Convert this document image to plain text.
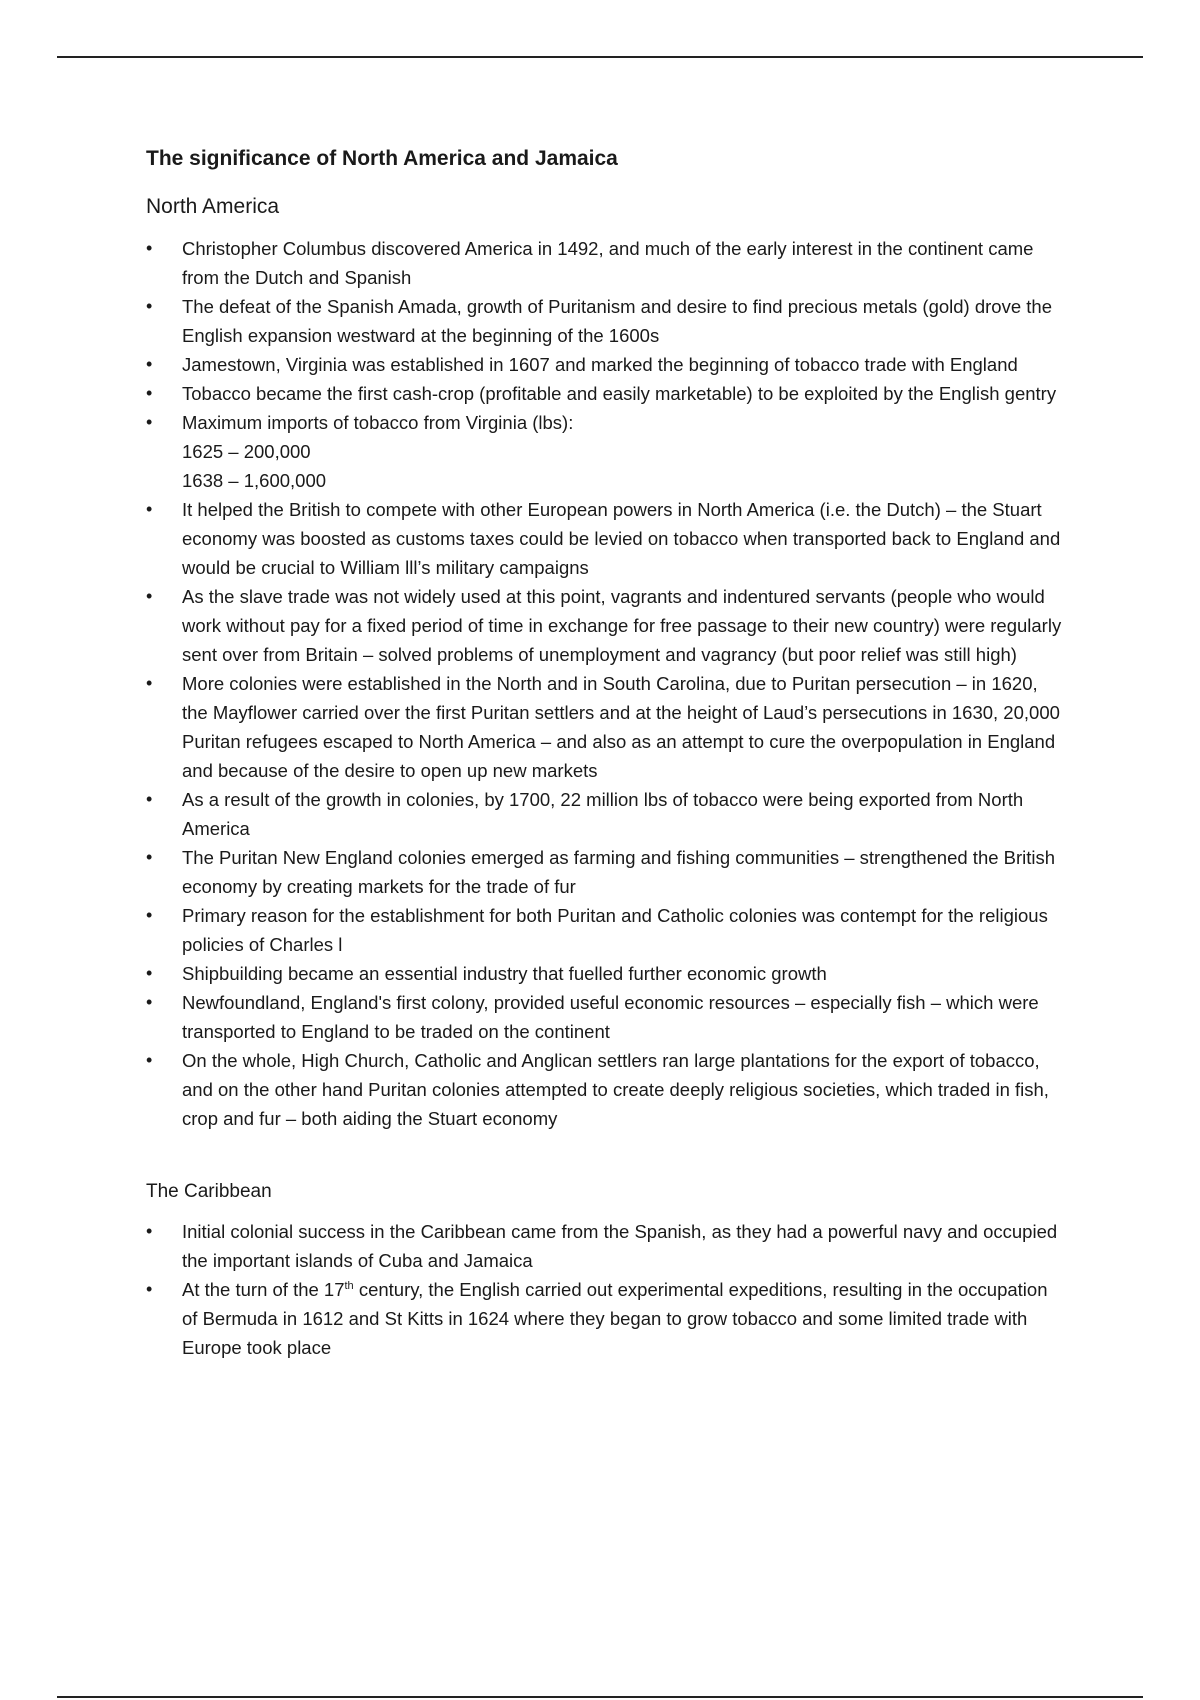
The significance of North America and Jamaica
North America
•	Christopher Columbus discovered America in 1492, and much of the early interest in the continent came from the Dutch and Spanish
•	The defeat of the Spanish Amada, growth of Puritanism and desire to find precious metals (gold) drove the English expansion westward at the beginning of the 1600s
•	Jamestown, Virginia was established in 1607 and marked the beginning of tobacco trade with England
•	Tobacco became the first cash-crop (profitable and easily marketable) to be exploited by the English gentry
•	Maximum imports of tobacco from Virginia (lbs):
1625 – 200,000
1638 – 1,600,000
•	It helped the British to compete with other European powers in North America (i.e. the Dutch) – the Stuart economy was boosted as customs taxes could be levied on tobacco when transported back to England and would be crucial to William lll’s military campaigns
•	As the slave trade was not widely used at this point, vagrants and indentured servants (people who would work without pay for a fixed period of time in exchange for free passage to their new country) were regularly sent over from Britain – solved problems of unemployment and vagrancy (but poor relief was still high)
•	More colonies were established in the North and in South Carolina, due to Puritan persecution – in 1620, the Mayflower carried over the first Puritan settlers and at the height of Laud’s persecutions in 1630, 20,000 Puritan refugees escaped to North America – and also as an attempt to cure the overpopulation in England and because of the desire to open up new markets
•	As a result of the growth in colonies, by 1700, 22 million lbs of tobacco were being exported from North America
•	The Puritan New England colonies emerged as farming and fishing communities – strengthened the British economy by creating markets for the trade of fur
•	Primary reason for the establishment for both Puritan and Catholic colonies was contempt for the religious policies of Charles l
•	Shipbuilding became an essential industry that fuelled further economic growth
•	Newfoundland, England's first colony, provided useful economic resources – especially fish – which were transported to England to be traded on the continent
•	On the whole, High Church, Catholic and Anglican settlers ran large plantations for the export of tobacco, and on the other hand Puritan colonies attempted to create deeply religious societies, which traded in fish, crop and fur – both aiding the Stuart economy
The Caribbean
•	Initial colonial success in the Caribbean came from the Spanish, as they had a powerful navy and occupied the important islands of Cuba and Jamaica
•	At the turn of the 17th century, the English carried out experimental expeditions, resulting in the occupation of Bermuda in 1612 and St Kitts in 1624 where they began to grow tobacco and some limited trade with Europe took place
